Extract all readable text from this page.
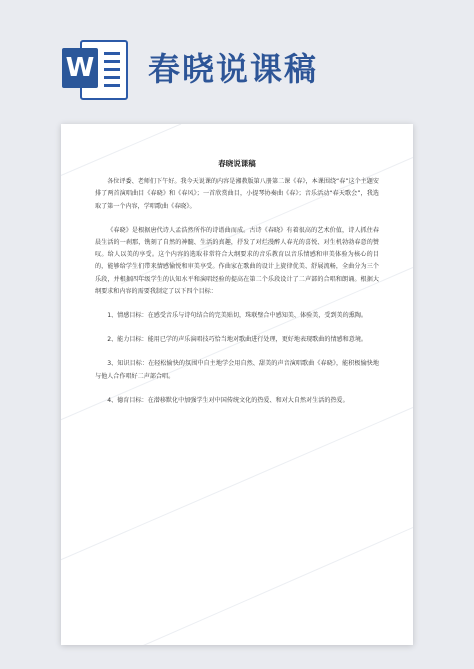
W 春晓说课稿
春晓说课稿

各位评委、老师们下午好。我今天说课的内容是湘教版第八册第二课《春》，本课围绕“春”这个主题安排了两首演唱曲目《春晓》和《春风》；一首欣赏曲目，小提琴协奏曲《春》；音乐活动“春天歌会”，我选取了第一个内容，学唱歌曲《春晓》。

《春晓》是根据唐代诗人孟浩然所作的诗谱曲而成。古诗《春晓》有着很高的艺术价值，诗人抓住春晨生活的一刹那，镌刻了自然的神髓、生活的真趣，抒发了对烂漫醉人春光的喜悦、对生机勃勃春意的赞叹。给人以美的享受。这个内容的选取非常符合大纲要求的音乐教育以音乐情感和审美体验为核心的目的，能够给学生们带来情感愉悦和审美享受。作曲家在歌曲的设计上旋律优美、舒展流畅，全曲分为三个乐段，并根据四年级学生的认知水平和演唱经验的提高在第二个乐段设计了二声部的合唱和朗诵。根据大纲要求和内容的需要我制定了以下四个目标：

1、情感目标：在感受音乐与诗句结合的完美贴切，珠联璧合中感知美、体验美，受到美的熏陶。

2、能力目标：能用已学的声乐演唱技巧恰当地对歌曲进行处理，更好地表现歌曲的情感和意境。

3、知识目标：在轻松愉快的氛围中自主地学会用自然、甜美的声音演唱歌曲《春晓》，能积极愉快地与他人合作唱好二声部合唱。

4、德育目标：在潜移默化中加强学生对中国传统文化的热爱、和对大自然对生活的热爱。
